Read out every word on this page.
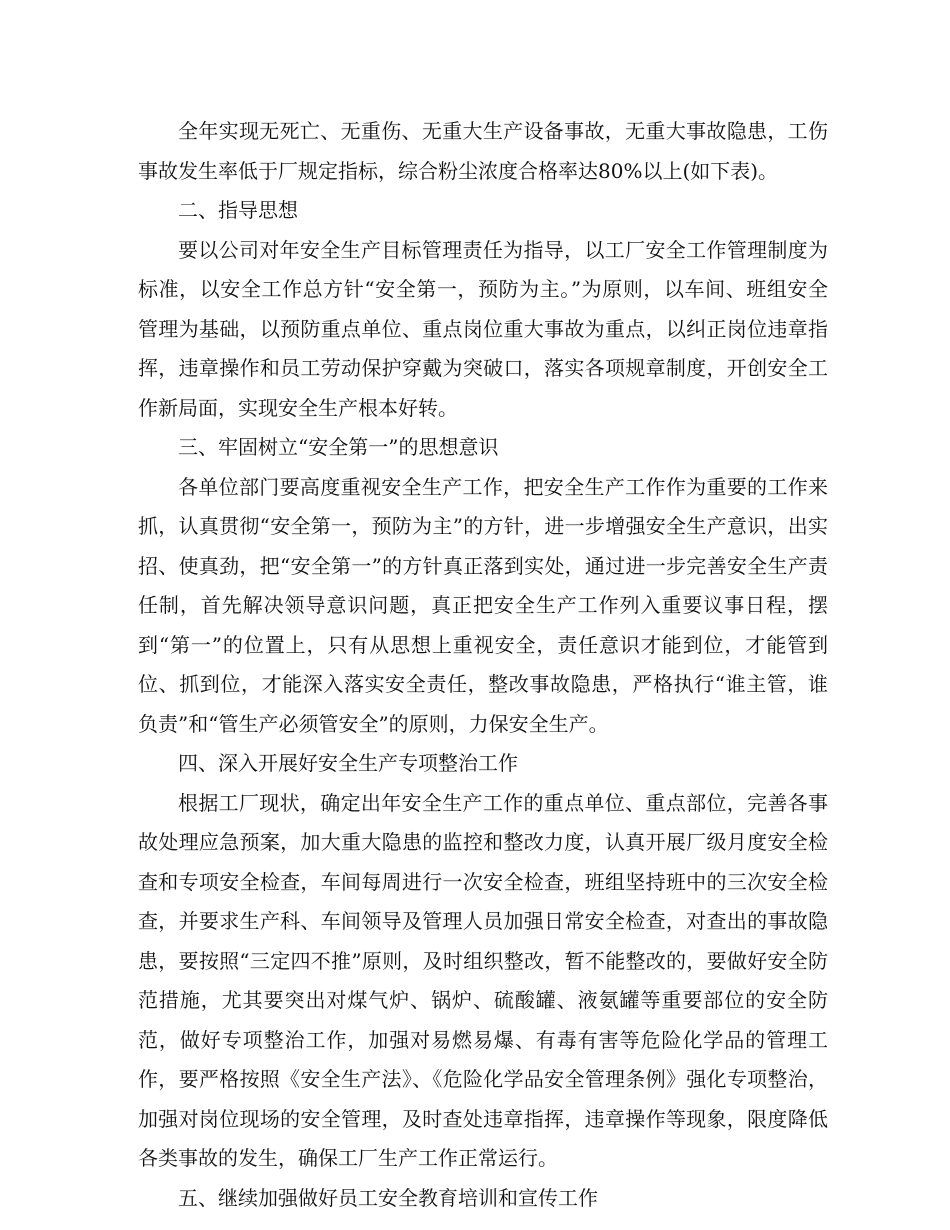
全年实现无死亡、无重伤、无重大生产设备事故，无重大事故隐患，工伤事故发生率低于厂规定指标，综合粉尘浓度合格率达80%以上(如下表)。

二、指导思想

要以公司对年安全生产目标管理责任为指导，以工厂安全工作管理制度为标准，以安全工作总方针“安全第一，预防为主。”为原则，以车间、班组安全管理为基础，以预防重点单位、重点岗位重大事故为重点，以纠正岗位违章指挥，违章操作和员工劳动保护穿戴为突破口，落实各项规章制度，开创安全工作新局面，实现安全生产根本好转。

三、牢固树立“安全第一”的思想意识

各单位部门要高度重视安全生产工作，把安全生产工作作为重要的工作来抓，认真贯彻“安全第一，预防为主”的方针，进一步增强安全生产意识，出实招、使真劲，把“安全第一”的方针真正落到实处，通过进一步完善安全生产责任制，首先解决领导意识问题，真正把安全生产工作列入重要议事日程，摆到“第一”的位置上，只有从思想上重视安全，责任意识才能到位，才能管到位、抓到位，才能深入落实安全责任，整改事故隐患，严格执行“谁主管，谁负责”和“管生产必须管安全”的原则，力保安全生产。

四、深入开展好安全生产专项整治工作

根据工厂现状，确定出年安全生产工作的重点单位、重点部位，完善各事故处理应急预案，加大重大隐患的监控和整改力度，认真开展厂级月度安全检查和专项安全检查，车间每周进行一次安全检查，班组坚持班中的三次安全检查，并要求生产科、车间领导及管理人员加强日常安全检查，对查出的事故隐患，要按照“三定四不推”原则，及时组织整改，暂不能整改的，要做好安全防范措施，尤其要突出对煤气炉、锅炉、硫酸罐、液氨罐等重要部位的安全防范，做好专项整治工作，加强对易燃易爆、有毒有害等危险化学品的管理工作，要严格按照《安全生产法》、《危险化学品安全管理条例》强化专项整治，加强对岗位现场的安全管理，及时查处违章指挥，违章操作等现象，限度降低各类事故的发生，确保工厂生产工作正常运行。

五、继续加强做好员工安全教育培训和宣传工作
